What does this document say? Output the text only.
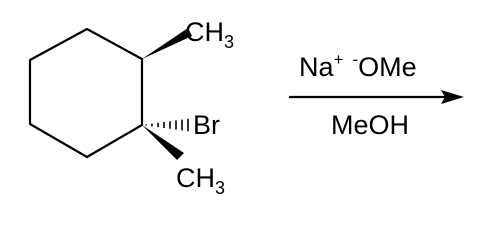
$CH_3$
Br
$CH_3$
Na+ -OMe
MeOH
